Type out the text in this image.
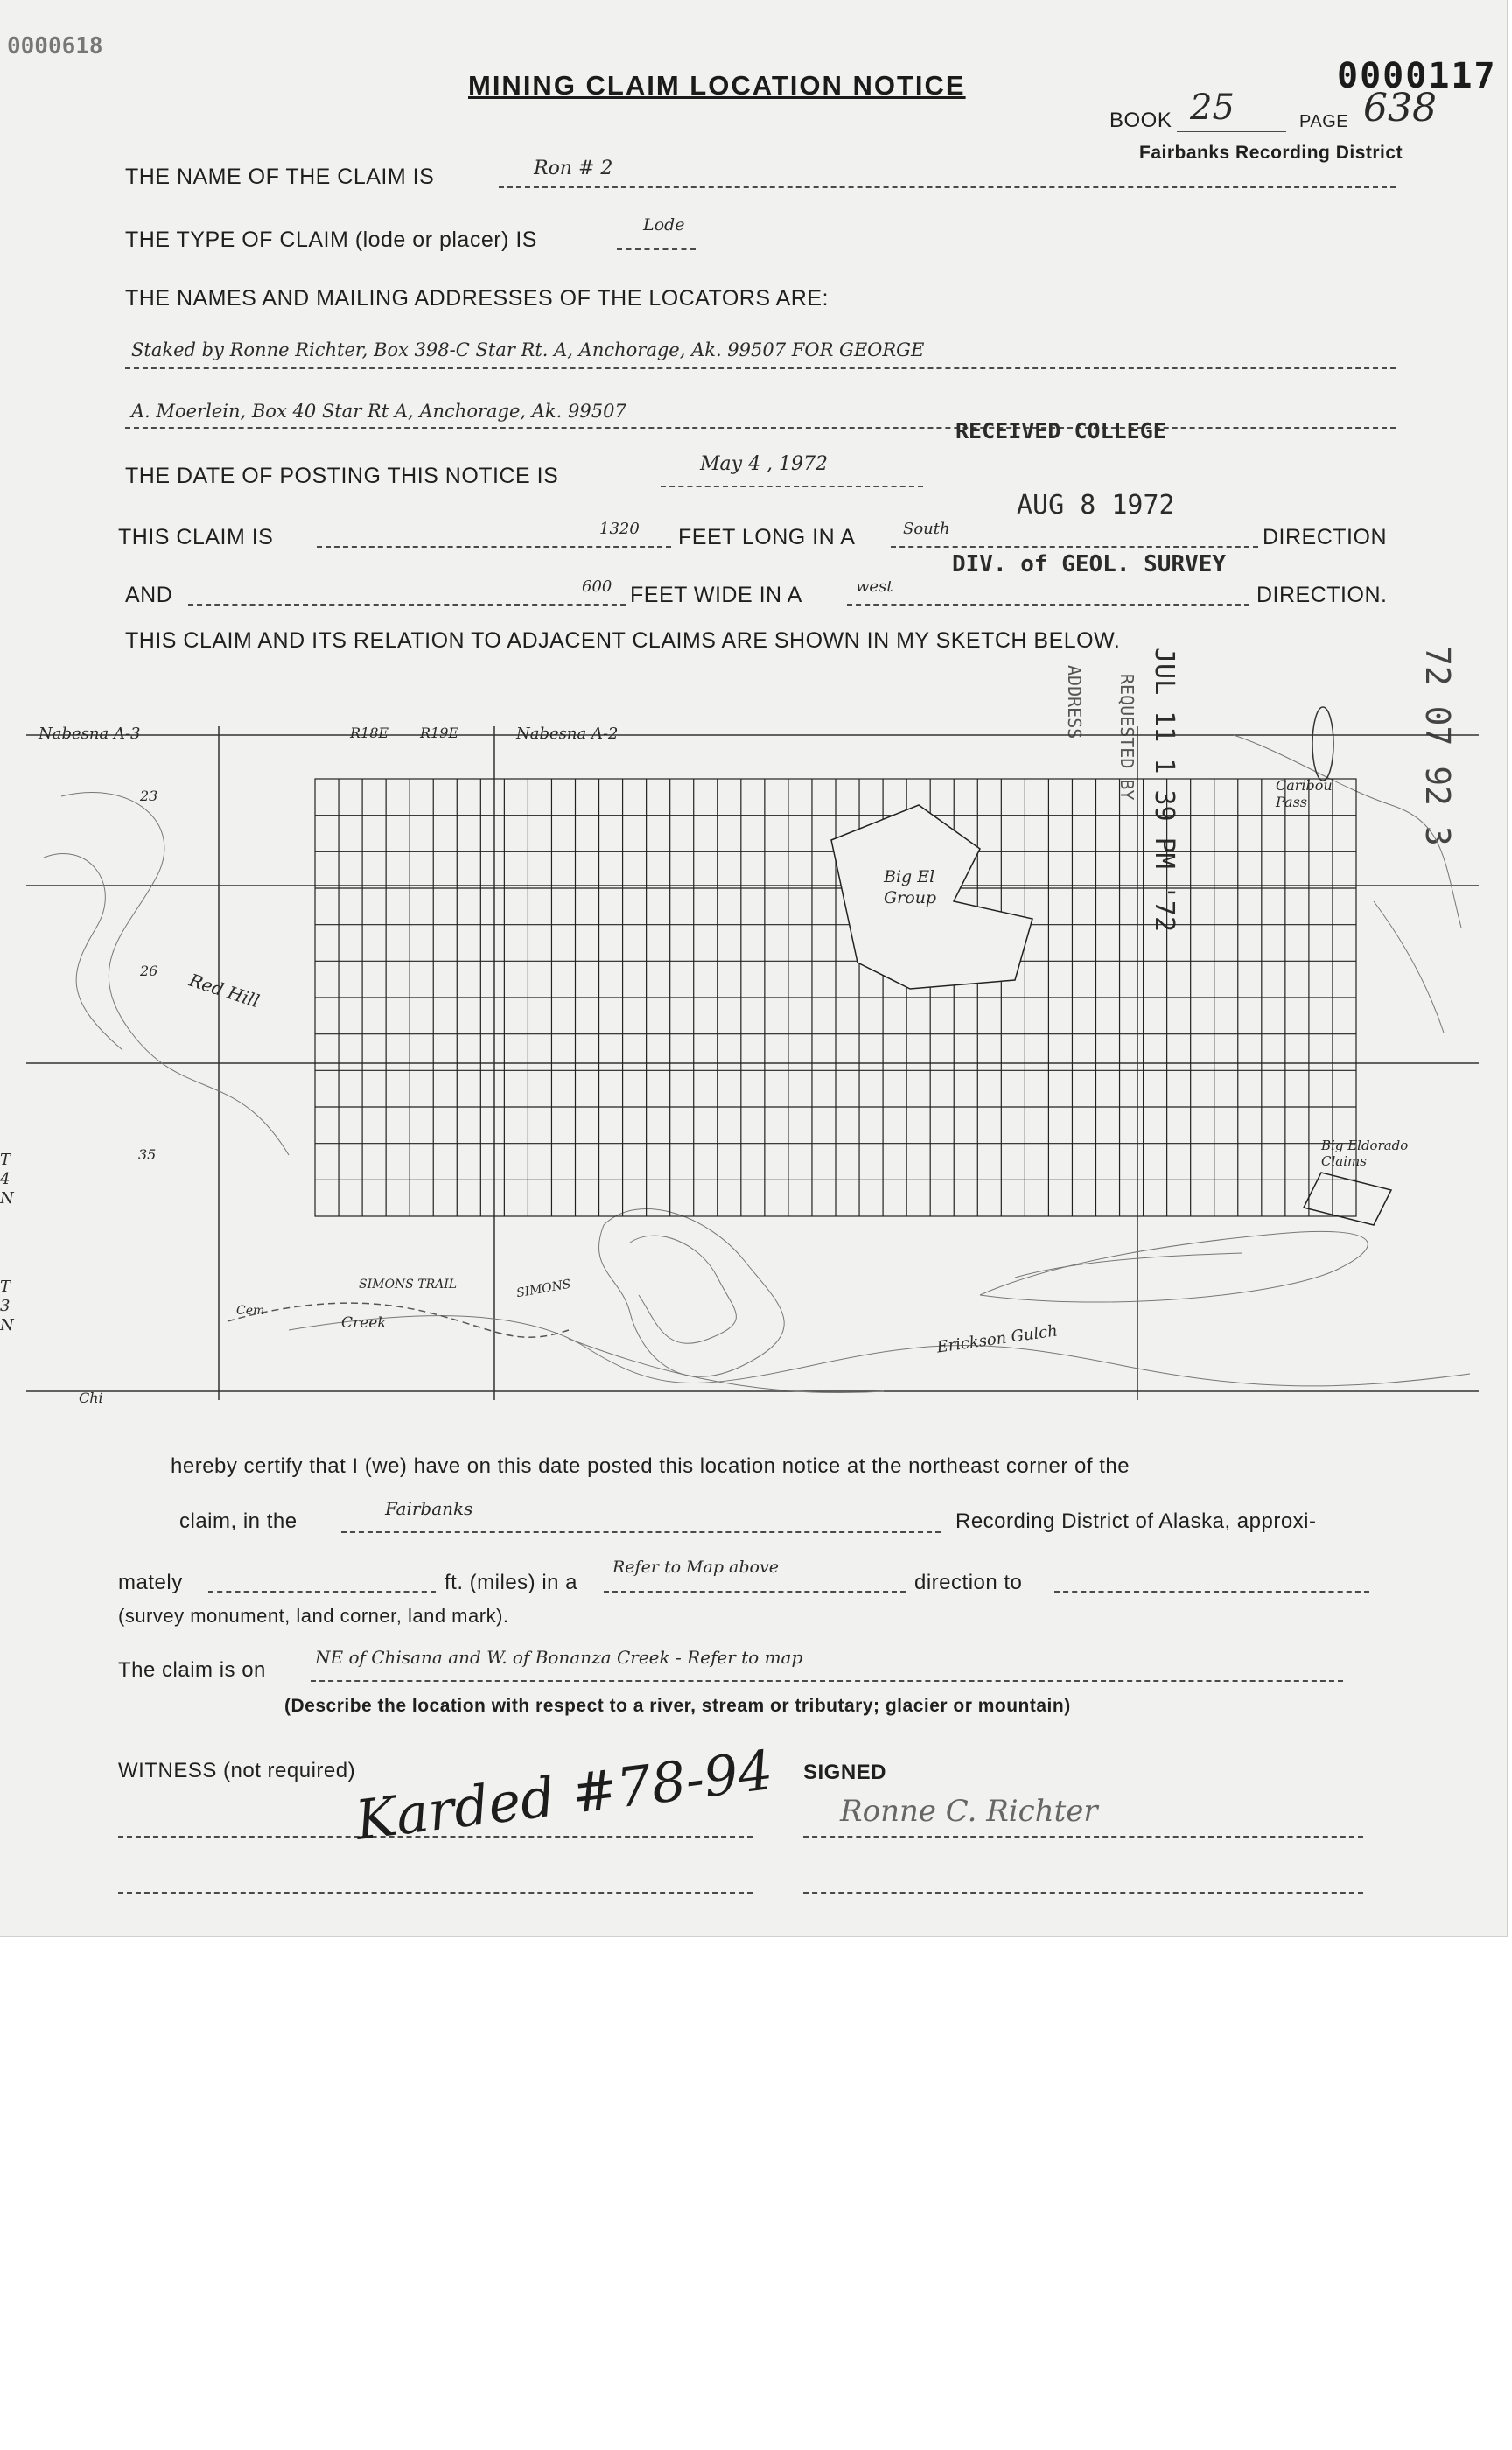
0000618
MINING CLAIM LOCATION NOTICE	0000117
BOOK 25	PAGE 638
Fairbanks Recording District
THE NAME OF THE CLAIM IS	Ron # 2
THE TYPE OF CLAIM (lode or placer) IS
Lode
THE NAMES AND MAILING ADDRESSES OF THE LOCATORS ARE:
Staked by Ronne Richter, Box 398-C Star Rt. A, Anchorage, Ak. 99507 FOR GEORGE
A. Moerlein, Box 40 Star Rt A, Anchorage, Ak. 99507
RECEIVED COLLEGE
THE DATE OF POSTING THIS NOTICE IS	May 4 , 1972
AUG 8 1972
THIS CLAIM IS	1320 FEET LONG IN A	South	DIRECTION
DIV. of GEOL. SURVEY
AND	600 FEET WIDE IN A	west	DIRECTION.
THIS CLAIM AND ITS RELATION TO ADJACENT CLAIMS ARE SHOWN IN MY SKETCH BELOW.
JUL 11 1 39 PM '72
REQUESTED BY
ADDRESS	72 07 92 3
Nabesna A-3	R18E R19E	Nabesna A-2
Caribou Pass
Big El Group
Big Eldorado Claims
Red Hill
Cem
SIMONS TRAIL	SIMONS
Creek	Erickson Gulch
Chi
23
26
35
T 4 N
T 3 N
hereby certify that I (we) have on this date posted this location notice at the northeast corner of the
claim, in the
Fairbanks
Recording District of Alaska, approxi-
mately	ft. (miles) in a
Refer to Map above
direction to
(survey monument, land corner, land mark).
The claim is on
NE of Chisana and W. of Bonanza Creek - Refer to map
(Describe the location with respect to a river, stream or tributary; glacier or mountain)
WITNESS (not required)	SIGNED
Karded #78-94 Ronne C. Richter
